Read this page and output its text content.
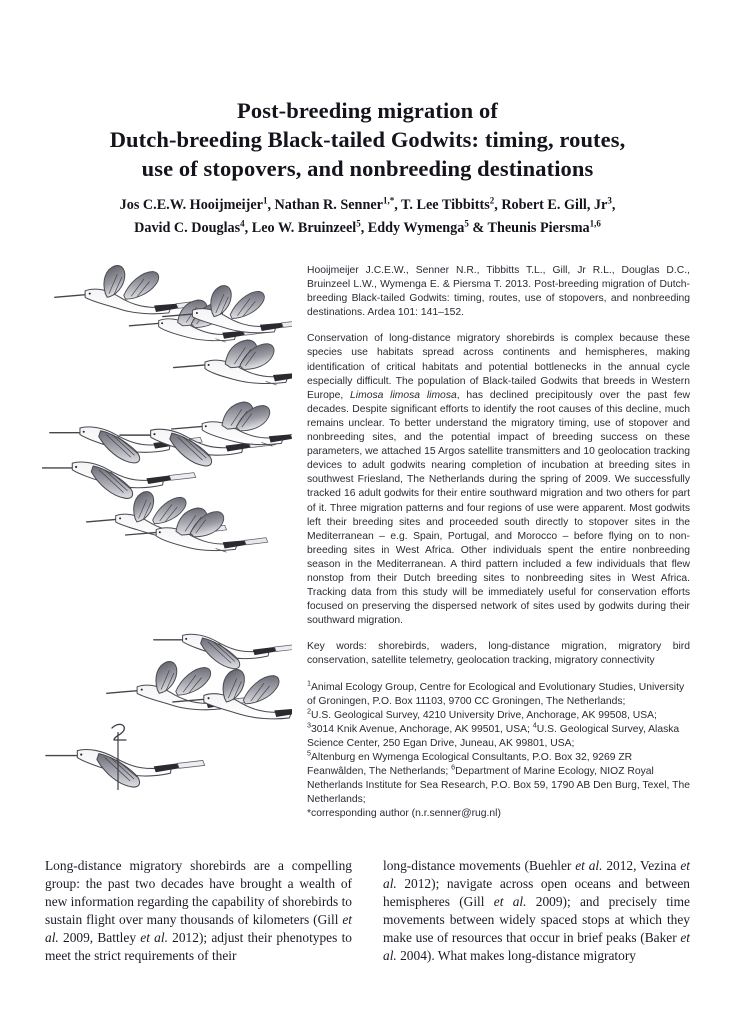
Post-breeding migration of
Dutch-breeding Black-tailed Godwits: timing, routes,
use of stopovers, and nonbreeding destinations
Jos C.E.W. Hooijmeijer$^1$, Nathan R. Senner$^{1,*}$, T. Lee Tibbitts$^2$, Robert E. Gill, Jr$^3$,
David C. Douglas$^4$, Leo W. Bruinzeel$^5$, Eddy Wymenga$^5$ & Theunis Piersma$^{1,6}$

Hooijmeijer J.C.E.W., Senner N.R., Tibbitts T.L., Gill, Jr R.L., Douglas D.C., Bruinzeel L.W., Wymenga E. & Piersma T. 2013. Post-breeding migration of Dutch-breeding Black-tailed Godwits: timing, routes, use of stopovers, and nonbreeding destinations. Ardea 101: 141–152.

Conservation of long-distance migratory shorebirds is complex because these species use habitats spread across continents and hemispheres, making identification of critical habitats and potential bottlenecks in the annual cycle especially difficult. The population of Black-tailed Godwits that breeds in Western Europe, Limosa limosa limosa, has declined precipitously over the past few decades. Despite significant efforts to identify the root causes of this decline, much remains unclear. To better understand the migratory timing, use of stopover and nonbreeding sites, and the potential impact of breeding success on these parameters, we attached 15 Argos satellite transmitters and 10 geolocation tracking devices to adult godwits nearing completion of incubation at breeding sites in southwest Friesland, The Netherlands during the spring of 2009. We successfully tracked 16 adult godwits for their entire southward migration and two others for part of it. Three migration patterns and four regions of use were apparent. Most godwits left their breeding sites and proceeded south directly to stopover sites in the Mediterranean – e.g. Spain, Portugal, and Morocco – before flying on to non-breeding sites in West Africa. Other individuals spent the entire nonbreeding season in the Mediterranean. A third pattern included a few individuals that flew nonstop from their Dutch breeding sites to nonbreeding sites in West Africa. Tracking data from this study will be immediately useful for conservation efforts focused on preserving the dispersed network of sites used by godwits during their southward migration.

Key words: shorebirds, waders, long-distance migration, migratory bird conservation, satellite telemetry, geolocation tracking, migratory connectivity

$^1$Animal Ecology Group, Centre for Ecological and Evolutionary Studies, University of Groningen, P.O. Box 11103, 9700 CC Groningen, The Netherlands;

$^2$U.S. Geological Survey, 4210 University Drive, Anchorage, AK 99508, USA;

$^3$3014 Knik Avenue, Anchorage, AK 99501, USA; $^4$U.S. Geological Survey, Alaska Science Center, 250 Egan Drive, Juneau, AK 99801, USA;

$^5$Altenburg en Wymenga Ecological Consultants, P.O. Box 32, 9269 ZR Feanwâlden, The Netherlands; $^6$Department of Marine Ecology, NIOZ Royal Netherlands Institute for Sea Research, P.O. Box 59, 1790 AB Den Burg, Texel, The Netherlands;

*corresponding author (n.r.senner@rug.nl)

Long-distance migratory shorebirds are a compelling group: the past two decades have brought a wealth of new information regarding the capability of shorebirds to sustain flight over many thousands of kilometers (Gill et al. 2009, Battley et al. 2012); adjust their phenotypes to meet the strict requirements of their

long-distance movements (Buehler et al. 2012, Vezina et al. 2012); navigate across open oceans and between hemispheres (Gill et al. 2009); and precisely time movements between widely spaced stops at which they make use of resources that occur in brief peaks (Baker et al. 2004). What makes long-distance migratory
